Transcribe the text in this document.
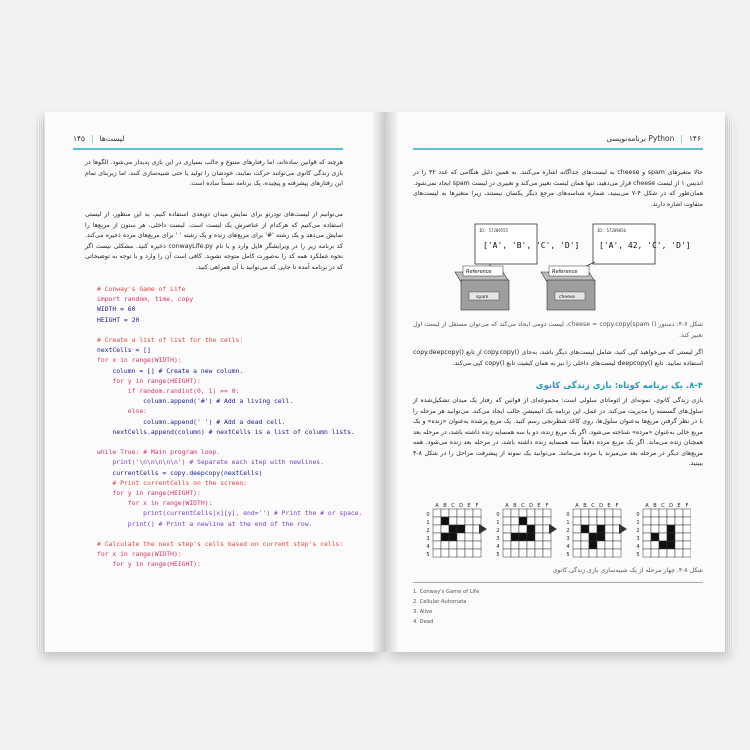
۱۴۵ | لیست‌ها
هرچند که قوانین ساده‌اند، اما رفتارهای متنوع و جالب بسیاری در این بازی پدیدار می‌شود. الگوها در بازی زندگی کانوی می‌توانند حرکت نمایند، خودشان را تولید یا حتی شبیه‌سازی کنند. اما زیربنای تمام این رفتارهای پیشرفته و پیچیده، یک برنامه نسبتاً ساده است.
می‌توانیم از لیست‌های تودرتو برای نمایش میدان دوبعدی استفاده کنیم. به این منظور، از لیستی استفاده می‌کنیم که هرکدام از عناصرش یک لیست است. لیست داخلی، هر ستون از مربع‌ها را نمایش می‌دهد و یک رشته '#' برای مربع‌های زنده و یک رشته ' ' برای مربع‌های مرده ذخیره می‌کند. کد برنامه زیر را در ویرایشگر فایل وارد و با نام conwayLife.py ذخیره کنید. مشکلی نیست اگر نحوه عملکرد همه کد را به‌صورت کامل متوجه نشوید. کافی است آن را وارد و با توجه به توضیحاتی که در برنامه آمده تا جایی که می‌توانید با آن همراهی کنید.
# Conway's Game of Life
import random, time, copy
WIDTH = 60
HEIGHT = 20

# Create a list of list for the cells:
nextCells = []
for x in range(WIDTH):
column = [] # Create a new column.
for y in range(HEIGHT):
if random.randint(0, 1) == 0:
column.append('#') # Add a living cell.
else:
column.append(' ') # Add a dead cell.
nextCells.append(column) # nextCells is a list of column lists.

while True: # Main program loop.
print('\n\n\n\n\n') # Separate each step with newlines.
currentCells = copy.deepcopy(nextCells)
# Print currentCells on the screen:
for y in range(HEIGHT):
for x in range(WIDTH):
print(currentCells[x][y], end='') # Print the # or space.
print() # Print a newline at the end of the row.

# Calculate the next step's cells based on current step's cells:
for x in range(WIDTH):
for y in range(HEIGHT):
برنامه‌نویسی Python | ۱۴۶
حالا متغیرهای spam و cheese به لیست‌های جداگانه اشاره می‌کنند. به همین دلیل هنگامی که عدد ۴۲ را در اندیس ۱ از لیست cheese قرار می‌دهید، تنها همان لیست تغییر می‌کند و تغییری در لیست spam ایجاد نمی‌شود. همان‌طور که در شکل ۴-۷ می‌بینید، شماره شناسه‌های مرجع دیگر یکسان نیستند، زیرا متغیرها به لیست‌های متفاوت اشاره دارند.
ID: 57209555
['A', 'B', 'C', 'D']
Reference
spam
ID: 57209856
['A', 42, 'C', 'D']
Reference
cheese
شکل ۷-۴: دستور () cheese = copy.copy(spam، لیست دومی ایجاد می‌کند که می‌توان مستقل از لیست اول تغییر کند.
اگر لیستی که می‌خواهید کپی کنید، شامل لیست‌های دیگر باشد، به‌جای ()copy.copy از تابع ()copy.deepcopy استفاده نمایید. تابع ()deepcopy لیست‌های داخلی را نیز به همان کیفیت تابع ()copy کپی می‌کند.
۸-۴. یک برنامه کوتاه: بازی زندگی کانوی
بازی زندگی کانوی، نمونه‌ای از اتوماتای سلولی است: مجموعه‌ای از قوانین که رفتار یک میدان تشکیل‌شده از سلول‌های گسسته را مدیریت می‌کند. در عمل، این برنامه یک انیمیشن جالب ایجاد می‌کند. می‌توانید هر مرحله را با در نظر گرفتن مربع‌ها به‌عنوان سلول‌ها، روی کاغذ شطرنجی رسم کنید. یک مربع پرشده به‌عنوان «زنده» و یک مربع خالی به‌عنوان «مرده» شناخته می‌شود. اگر یک مربع زنده، دو یا سه همسایه زنده داشته باشد، در مرحله بعد همچنان زنده می‌ماند. اگر یک مربع مرده دقیقاً سه همسایه زنده داشته باشد، در مرحله بعد زنده می‌شود. همه مربع‌های دیگر در مرحله بعد می‌میرند یا مرده می‌مانند. می‌توانید یک نمونه از پیشرفت مراحل را در شکل ۸-۴ ببینید.
A B C D E F
0
1
2
3
4
5
A B C D E F
0
1
2
3
4
5
A B C D E F
0
1
2
3
4
5
A B C D E F
0
1
2
3
4
5
شکل ۸-۴. چهار مرحله از یک شبیه‌سازی بازی زندگی کانوی
1. Conway's Game of Life
2. Cellular Automata
3. Alive
4. Dead
